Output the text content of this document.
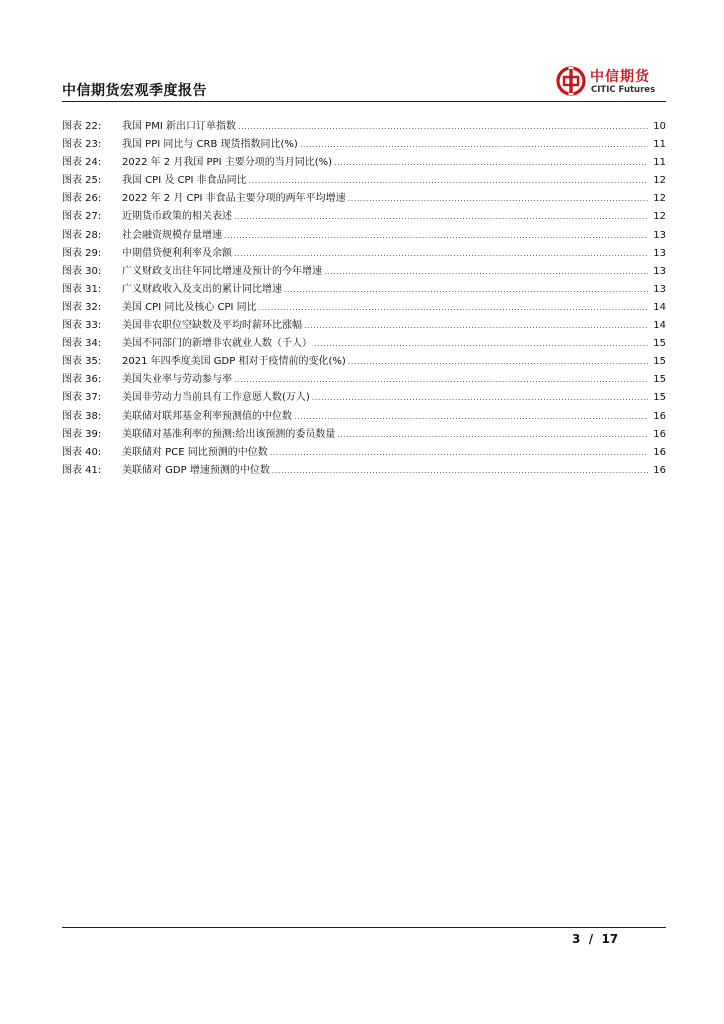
中信期货宏观季度报告
中信期货
CITIC Futures
图表 22:	我国 PMI 新出口订单指数 .....	10
图表 23:	我国 PPI 同比与 CRB 现货指数同比(%) .....	11
图表 24:	2022 年 2 月我国 PPI 主要分项的当月同比(%) .....	11
图表 25:	我国 CPI 及 CPI 非食品同比 .....	12
图表 26:	2022 年 2 月 CPI 非食品主要分项的两年平均增速 .....	12
图表 27:	近期货币政策的相关表述 .....	12
图表 28:	社会融资规模存量增速 .....	13
图表 29:	中期借贷便利利率及余额 .....	13
图表 30:	广义财政支出往年同比增速及预计的今年增速 .....	13
图表 31:	广义财政收入及支出的累计同比增速 .....	13
图表 32:	美国 CPI 同比及核心 CPI 同比 .....	14
图表 33:	美国非农职位空缺数及平均时薪环比涨幅 .....	14
图表 34:	美国不同部门的新增非农就业人数（千人） .....	15
图表 35:	2021 年四季度美国 GDP 相对于疫情前的变化(%) .....	15
图表 36:	美国失业率与劳动参与率 .....	15
图表 37:	美国非劳动力当前具有工作意愿人数(万人) .....	15
图表 38:	美联储对联邦基金利率预测值的中位数 .....	16
图表 39:	美联储对基准利率的预测:给出该预测的委员数量 .....	16
图表 40:	美联储对 PCE 同比预测的中位数 .....	16
图表 41:	美联储对 GDP 增速预测的中位数 .....	16
3  /  17
